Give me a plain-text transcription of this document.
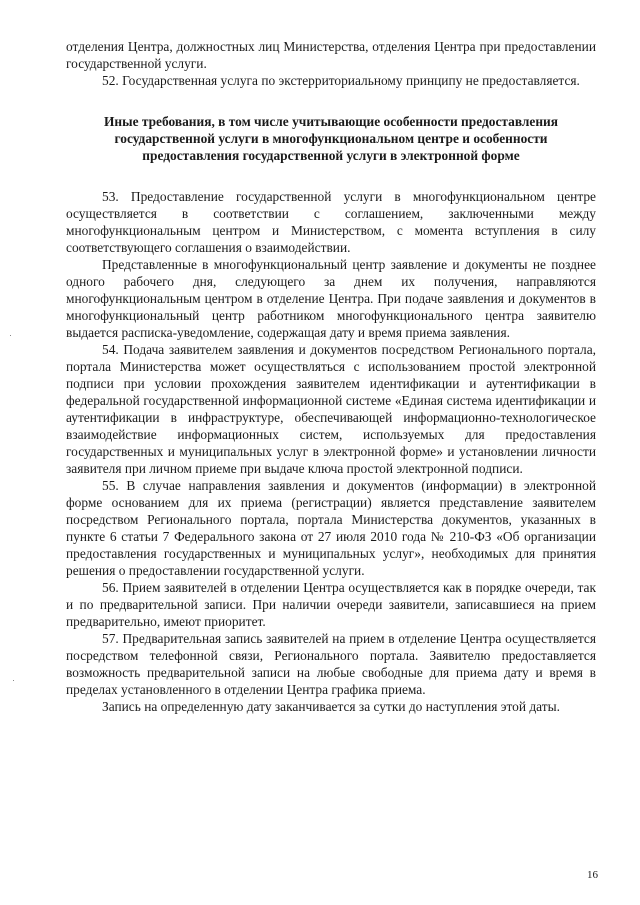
отделения Центра, должностных лиц Министерства, отделения Центра при предоставлении государственной услуги.

52. Государственная услуга по экстерриториальному принципу не предоставляется.

Иные требования, в том числе учитывающие особенности предоставления государственной услуги в многофункциональном центре и особенности предоставления государственной услуги в электронной форме

53. Предоставление государственной услуги в многофункциональном центре осуществляется в соответствии с соглашением, заключенными между многофункциональным центром и Министерством, с момента вступления в силу соответствующего соглашения о взаимодействии.

Представленные в многофункциональный центр заявление и документы не позднее одного рабочего дня, следующего за днем их получения, направляются многофункциональным центром в отделение Центра. При подаче заявления и документов в многофункциональный центр работником многофункционального центра заявителю выдается расписка-уведомление, содержащая дату и время приема заявления.

54. Подача заявителем заявления и документов посредством Регионального портала, портала Министерства может осуществляться с использованием простой электронной подписи при условии прохождения заявителем идентификации и аутентификации в федеральной государственной информационной системе «Единая система идентификации и аутентификации в инфраструктуре, обеспечивающей информационно-технологическое взаимодействие информационных систем, используемых для предоставления государственных и муниципальных услуг в электронной форме» и установлении личности заявителя при личном приеме при выдаче ключа простой электронной подписи.

55. В случае направления заявления и документов (информации) в электронной форме основанием для их приема (регистрации) является представление заявителем посредством Регионального портала, портала Министерства документов, указанных в пункте 6 статьи 7 Федерального закона от 27 июля 2010 года № 210-ФЗ «Об организации предоставления государственных и муниципальных услуг», необходимых для принятия решения о предоставлении государственной услуги.

56. Прием заявителей в отделении Центра осуществляется как в порядке очереди, так и по предварительной записи. При наличии очереди заявители, записавшиеся на прием предварительно, имеют приоритет.

57. Предварительная запись заявителей на прием в отделение Центра осуществляется посредством телефонной связи, Регионального портала. Заявителю предоставляется возможность предварительной записи на любые свободные для приема дату и время в пределах установленного в отделении Центра графика приема.

Запись на определенную дату заканчивается за сутки до наступления этой даты.

16
